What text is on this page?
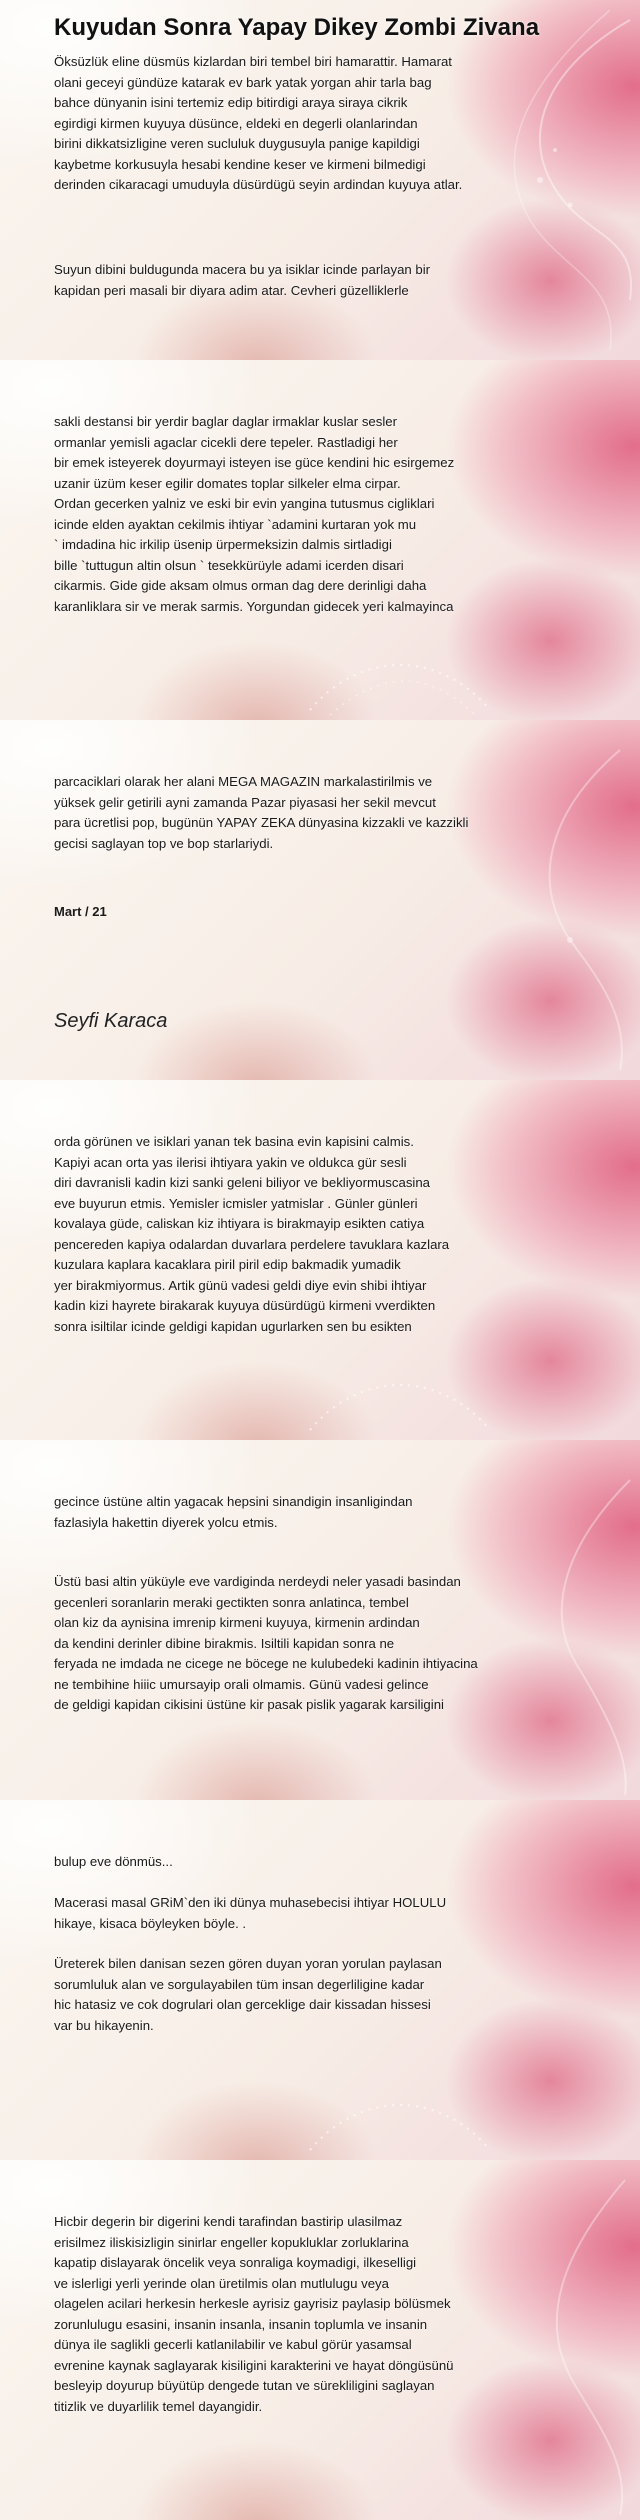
Kuyudan Sonra Yapay Dikey Zombi Zivana
Öksüzlük eline düsmüs kizlardan biri tembel biri hamarattir. Hamarat
olani geceyi gündüze katarak ev bark yatak yorgan ahir tarla bag
bahce dünyanin isini tertemiz edip bitirdigi araya siraya cikrik
egirdigi kirmen kuyuya düsünce, eldeki en degerli olanlarindan
birini dikkatsizligine veren sucluluk duygusuyla panige kapildigi
kaybetme korkusuyla hesabi kendine keser ve kirmeni bilmedigi
derinden cikaracagi umuduyla düsürdügü seyin ardindan kuyuya atlar.
Suyun dibini buldugunda macera bu ya isiklar icinde parlayan bir
kapidan peri masali bir diyara adim atar. Cevheri güzelliklerle
sakli destansi bir yerdir baglar daglar irmaklar kuslar sesler
ormanlar yemisli agaclar cicekli dere tepeler. Rastladigi her
bir emek isteyerek doyurmayi isteyen ise güce kendini hic esirgemez
uzanir üzüm keser egilir domates toplar silkeler elma cirpar.
Ordan gecerken yalniz ve eski bir evin yangina tutusmus cigliklari
icinde elden ayaktan cekilmis ihtiyar `adamini kurtaran yok mu
` imdadina hic irkilip üsenip ürpermeksizin dalmis sirtladigi
bille `tuttugun altin olsun ` tesekkürüyle adami icerden disari
cikarmis. Gide gide aksam olmus orman dag dere derinligi daha
karanliklara sir ve merak sarmis. Yorgundan gidecek yeri kalmayinca
parcaciklari olarak her alani MEGA MAGAZIN markalastirilmis ve
yüksek gelir getirili ayni zamanda Pazar piyasasi her sekil mevcut
para ücretlisi pop, bugünün YAPAY ZEKA dünyasina kizzakli ve kazzikli
gecisi saglayan top ve bop starlariydi.
Mart / 21
Seyfi Karaca
orda görünen ve isiklari yanan tek basina evin kapisini calmis.
Kapiyi acan orta yas ilerisi ihtiyara yakin ve oldukca gür sesli
diri davranisli kadin kizi sanki geleni biliyor ve bekliyormuscasina
eve buyurun etmis. Yemisler icmisler yatmislar . Günler günleri
kovalaya güde, caliskan kiz ihtiyara is birakmayip esikten catiya
pencereden kapiya odalardan duvarlara perdelere tavuklara kazlara
kuzulara kaplara kacaklara piril piril edip bakmadik yumadik
yer birakmiyormus. Artik günü vadesi geldi diye evin shibi ihtiyar
kadin kizi hayrete birakarak kuyuya düsürdügü kirmeni vverdikten
sonra isiltilar icinde geldigi kapidan ugurlarken sen bu esikten
gecince üstüne altin yagacak hepsini sinandigin insanligindan
fazlasiyla hakettin diyerek yolcu etmis.
Üstü basi altin yüküyle eve vardiginda nerdeydi neler yasadi basindan
gecenleri soranlarin meraki gectikten sonra anlatinca, tembel
olan kiz da aynisina imrenip kirmeni kuyuya, kirmenin ardindan
da kendini derinler dibine birakmis. Isiltili kapidan sonra ne
feryada ne imdada ne cicege ne böcege ne kulubedeki kadinin ihtiyacina
ne tembihine hiiic umursayip orali olmamis. Günü vadesi gelince
de geldigi kapidan cikisini üstüne kir pasak pislik yagarak karsiligini
bulup eve dönmüs...
Macerasi masal GRiM`den iki dünya muhasebecisi ihtiyar HOLULU
hikaye, kisaca böyleyken böyle. .
Üreterek bilen danisan sezen gören duyan yoran yorulan paylasan
sorumluluk alan ve sorgulayabilen tüm insan degerliligine kadar
hic hatasiz ve cok dogrulari olan gerceklige dair kissadan hissesi
var bu hikayenin.
Hicbir degerin bir digerini kendi tarafindan bastirip ulasilmaz
erisilmez iliskisizligin sinirlar engeller kopukluklar zorluklarina
kapatip dislayarak öncelik veya sonraliga koymadigi, ilkeselligi
ve islerligi yerli yerinde olan üretilmis olan mutlulugu veya
olagelen acilari herkesin herkesle ayrisiz gayrisiz paylasip bölüsmek
zorunlulugu esasini, insanin insanla, insanin toplumla ve insanin
dünya ile saglikli gecerli katlanilabilir ve kabul görür yasamsal
evrenine kaynak saglayarak kisiligini karakterini ve hayat döngüsünü
besleyip doyurup büyütüp dengede tutan ve sürekliligini saglayan
titizlik ve duyarlilik temel dayangidir.
